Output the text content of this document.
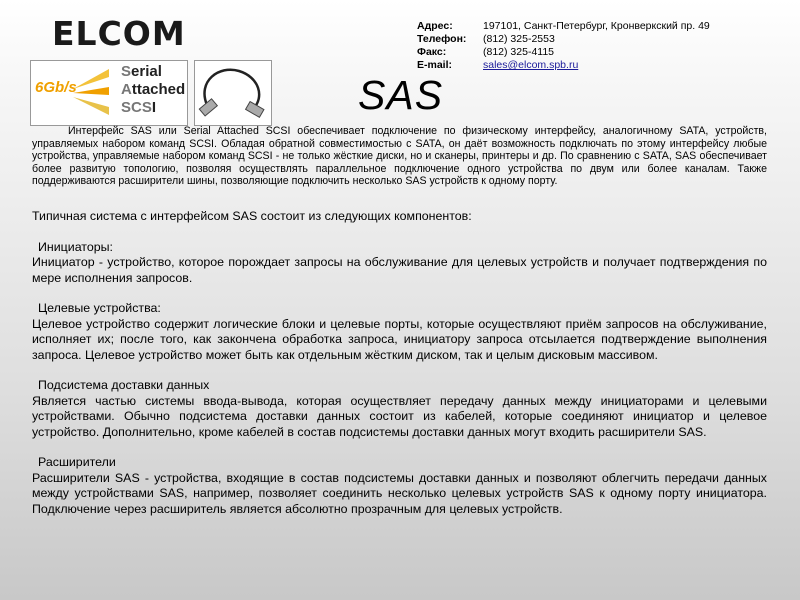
ELCOM	Адрес:	197101, Санкт-Петербург, Кронверкский пр. 49
Телефон:	(812) 325-2553
Факс:	(812) 325-4115
E-mail:	sales@elcom.spb.ru
6Gb/s
Serial
Attached
SCSI	SAS

Интерфейс SAS или Serial Attached SCSI обеспечивает подключение по физическому интерфейсу, аналогичному SATA, устройств, управляемых набором команд SCSI. Обладая обратной совместимостью с SATA, он даёт возможность подключать по этому интерфейсу любые устройства, управляемые набором команд SCSI - не только жёсткие диски, но и сканеры, принтеры и др. По сравнению с SATA, SAS обеспечивает более развитую топологию, позволяя осуществлять параллельное подключение одного устройства по двум или более каналам. Также поддерживаются расширители шины, позволяющие подключить несколько SAS устройств к одному порту.

Типичная система с интерфейсом SAS состоит из следующих компонентов:

Инициаторы:

Инициатор - устройство, которое порождает запросы на обслуживание для целевых устройств и получает подтверждения по мере исполнения запросов.

Целевые устройства:

Целевое устройство содержит логические блоки и целевые порты, которые осуществляют приём запросов на обслуживание, исполняет их; после того, как закончена обработка запроса, инициатору запроса отсылается подтверждение выполнения запроса. Целевое устройство может быть как отдельным жёстким диском, так и целым дисковым массивом.

Подсистема доставки данных

Является частью системы ввода-вывода, которая осуществляет передачу данных между инициаторами и целевыми устройствами. Обычно подсистема доставки данных состоит из кабелей, которые соединяют инициатор и целевое устройство. Дополнительно, кроме кабелей в состав подсистемы доставки данных могут входить расширители SAS.

Расширители

Расширители SAS - устройства, входящие в состав подсистемы доставки данных и позволяют облегчить передачи данных между устройствами SAS, например, позволяет соединить несколько целевых устройств SAS к одному порту инициатора. Подключение через расширитель является абсолютно прозрачным для целевых устройств.
